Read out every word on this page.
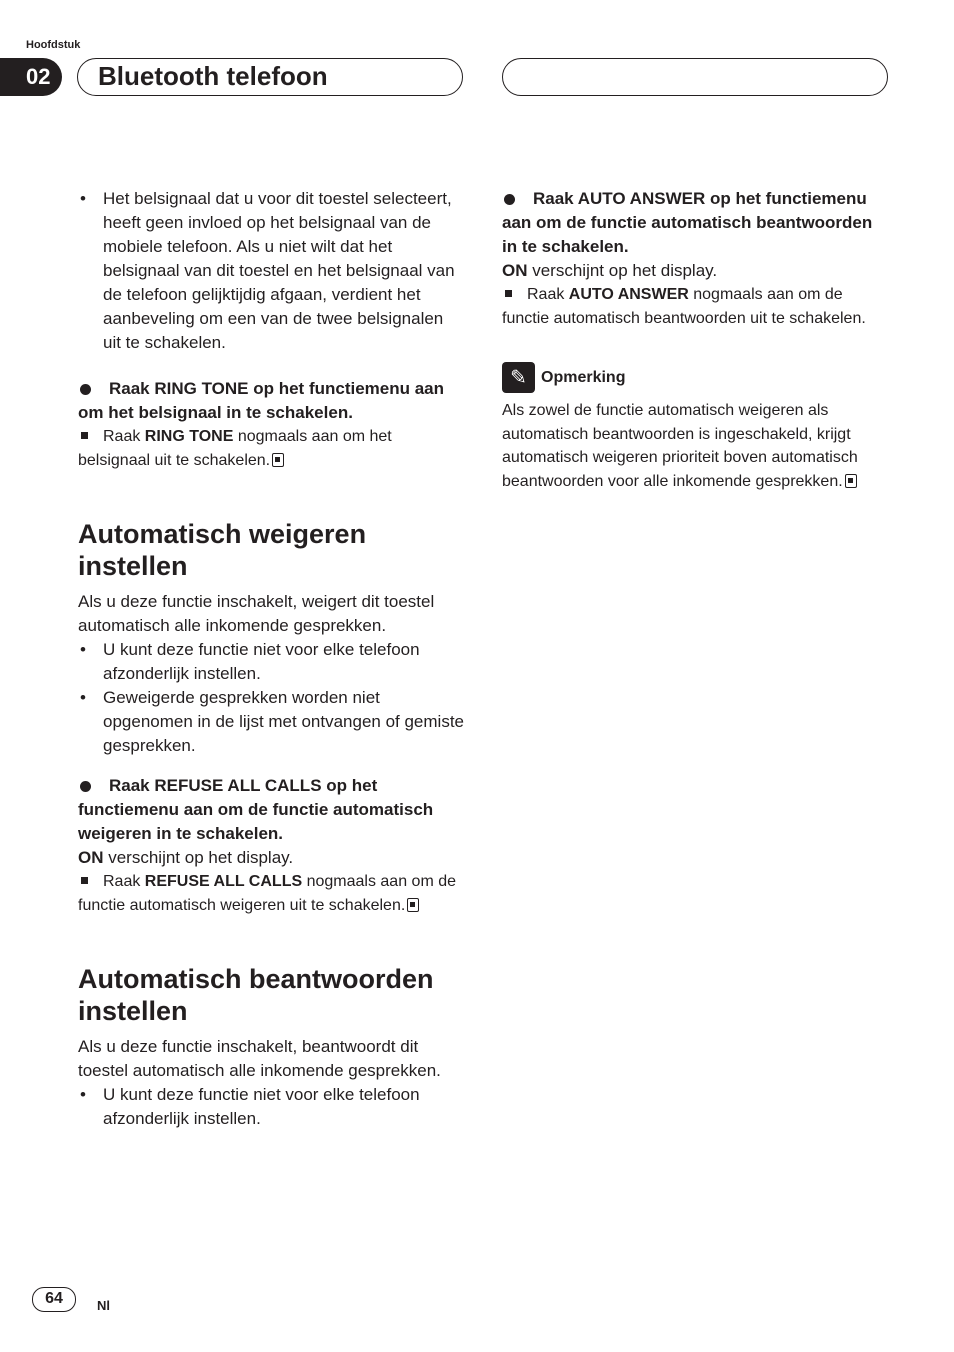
Hoofdstuk
02	Bluetooth telefoon
• Het belsignaal dat u voor dit toestel selecteert, heeft geen invloed op het belsignaal van de mobiele telefoon. Als u niet wilt dat het belsignaal van dit toestel en het belsignaal van de telefoon gelijktijdig afgaan, verdient het aanbeveling om een van de twee belsignalen uit te schakelen.

Raak RING TONE op het functiemenu aan om het belsignaal in te schakelen.

Raak RING TONE nogmaals aan om het belsignaal uit te schakelen.

Automatisch weigeren instellen

Als u deze functie inschakelt, weigert dit toestel automatisch alle inkomende gesprekken.

• U kunt deze functie niet voor elke telefoon afzonderlijk instellen.
• Geweigerde gesprekken worden niet opgenomen in de lijst met ontvangen of gemiste gesprekken.

Raak REFUSE ALL CALLS op het functiemenu aan om de functie automatisch weigeren in te schakelen.

ON verschijnt op het display.

Raak REFUSE ALL CALLS nogmaals aan om de functie automatisch weigeren uit te schakelen.

Automatisch beantwoorden instellen

Als u deze functie inschakelt, beantwoordt dit toestel automatisch alle inkomende gesprekken.

• U kunt deze functie niet voor elke telefoon afzonderlijk instellen.

Raak AUTO ANSWER op het functiemenu aan om de functie automatisch beantwoorden in te schakelen.

ON verschijnt op het display.

Raak AUTO ANSWER nogmaals aan om de functie automatisch beantwoorden uit te schakelen.

✎ Opmerking

Als zowel de functie automatisch weigeren als automatisch beantwoorden is ingeschakeld, krijgt automatisch weigeren prioriteit boven automatisch beantwoorden voor alle inkomende gesprekken.

64	Nl
